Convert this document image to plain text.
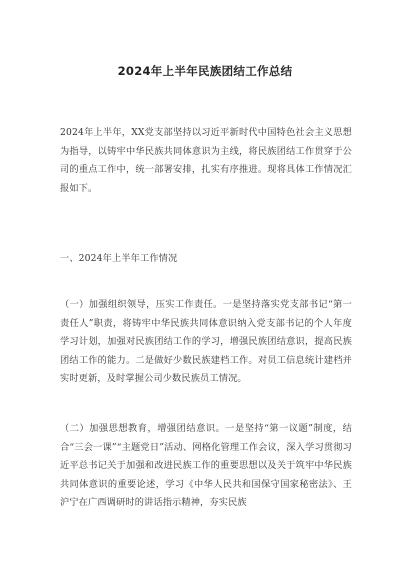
2024年上半年民族团结工作总结

2024年上半年，XX党支部坚持以习近平新时代中国特色社会主义思想为指导，以铸牢中华民族共同体意识为主线，将民族团结工作贯穿于公司的重点工作中，统一部署安排，扎实有序推进。现将具体工作情况汇报如下。

一、2024年上半年工作情况

（一）加强组织领导，压实工作责任。一是坚持落实党支部书记“第一责任人”职责，将铸牢中华民族共同体意识纳入党支部书记的个人年度学习计划，加强对民族团结工作的学习，增强民族团结意识，提高民族团结工作的能力。二是做好少数民族建档工作。对员工信息统计建档并实时更新，及时掌握公司少数民族员工情况。

（二）加强思想教育，增强团结意识。一是坚持“第一议题”制度，结合“三会一课”“主题党日”活动、网格化管理工作会议，深入学习贯彻习近平总书记关于加强和改进民族工作的重要思想以及关于筑牢中华民族共同体意识的重要论述，学习《中华人民共和国保守国家秘密法》、王沪宁在广西调研时的讲话指示精神，夯实民族
